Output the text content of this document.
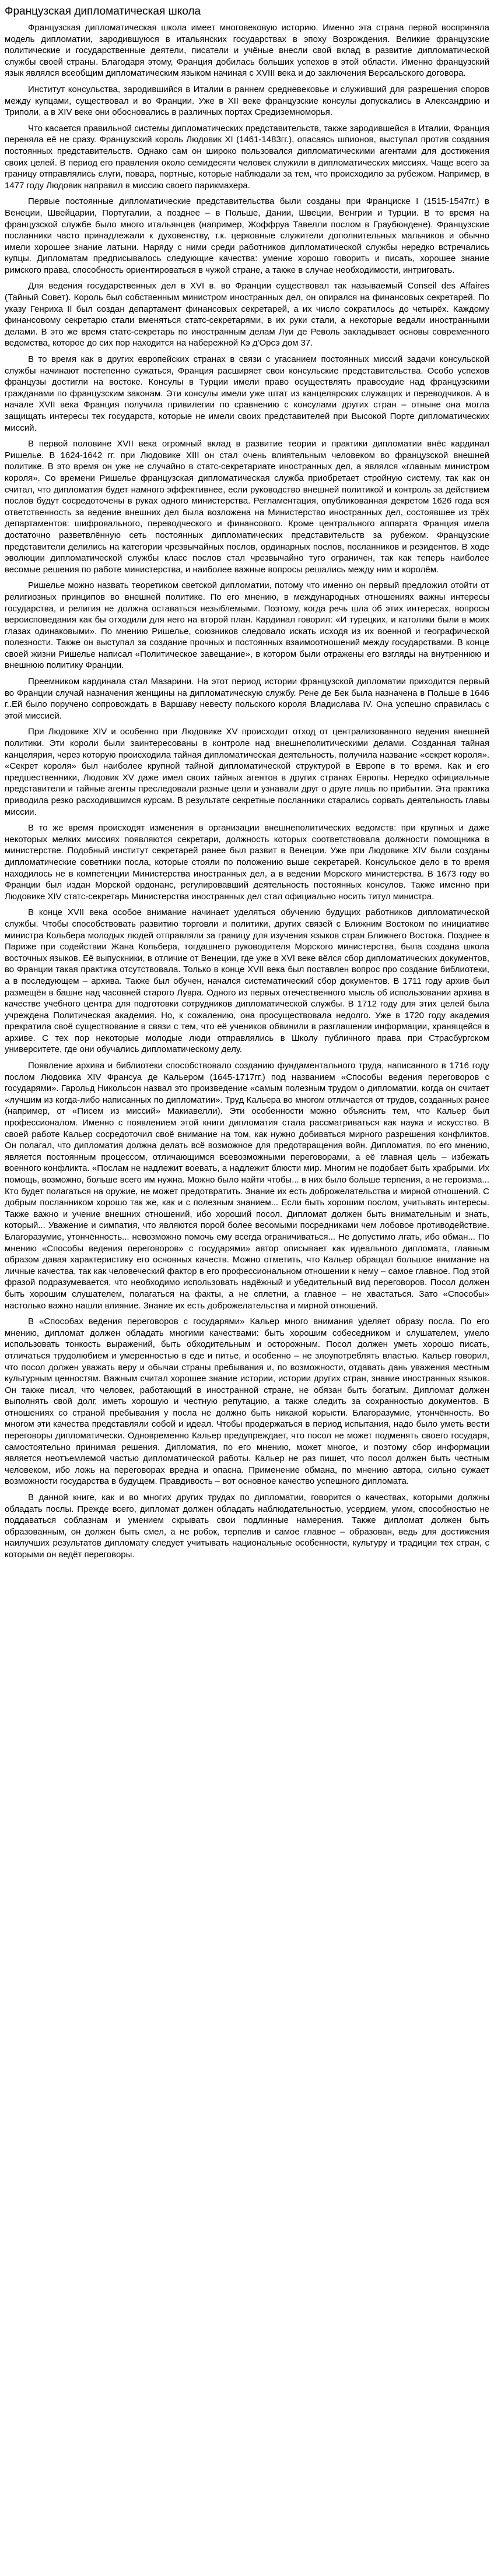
Французская дипломатическая школа

Французская дипломатическая школа имеет многовековую историю. Именно эта страна первой восприняла модель дипломатии, зародившуюся в итальянских государствах в эпоху Возрождения. Великие французские политические и государственные деятели, писатели и учёные внесли свой вклад в развитие дипломатической службы своей страны. Благодаря этому, Франция добилась больших успехов в этой области. Именно французский язык являлся всеобщим дипломатическим языком начиная с XVIII века и до заключения Версальского договора.

Институт консульства, зародившийся в Италии в раннем средневековье и служивший для разрешения споров между купцами, существовал и во Франции. Уже в XII веке французские консулы допускались в Александрию и Триполи, а в XIV веке они обосновались в различных портах Средиземноморья.

Что касается правильной системы дипломатических представительств, также зародившейся в Италии, Франция переняла её не сразу. Французский король Людовик XI (1461-1483гг.), опасаясь шпионов, выступал против создания постоянных представительств. Однако сам он широко пользовался дипломатическими агентами для достижения своих целей. В период его правления около семидесяти человек служили в дипломатических миссиях. Чаще всего за границу отправлялись слуги, повара, портные, которые наблюдали за тем, что происходило за рубежом. Например, в 1477 году Людовик направил в миссию своего парикмахера.

Первые постоянные дипломатические представительства были созданы при Франциске I (1515-1547гг.) в Венеции, Швейцарии, Португалии, а позднее – в Польше, Дании, Швеции, Венгрии и Турции. В то время на французской службе было много итальянцев (например, Жоффруа Тавелли послом в Граубюндене). Французские посланники часто принадлежали к духовенству, т.к. церковные служители дополнительных мальчиков и обычно имели хорошее знание латыни. Наряду с ними среди работников дипломатической службы нередко встречались купцы. Дипломатам предписывалось следующие качества: умение хорошо говорить и писать, хорошее знание римского права, способность ориентироваться в чужой стране, а также в случае необходимости, интриговать.

Для ведения государственных дел в XVI в. во Франции существовал так называемый Conseil des Affaires (Тайный Совет). Король был собственным министром иностранных дел, он опирался на финансовых секретарей. По указу Генриха II был создан департамент финансовых секретарей, а их число сократилось до четырёх. Каждому финансовому секретарю стали вменяться статс-секретарями, в их руки стали, а некоторые ведали иностранными делами. В это же время статс-секретарь по иностранным делам Луи де Револь закладывает основы современного ведомства, которое до сих пор находится на набережной Кэ д'Орсэ дом 37.

В то время как в других европейских странах в связи с угасанием постоянных миссий задачи консульской службы начинают постепенно сужаться, Франция расширяет свои консульские представительства. Особо успехов французы достигли на востоке. Консулы в Турции имели право осуществлять правосудие над французскими гражданами по французским законам. Эти консулы имели уже штат из канцелярских служащих и переводчиков. А в начале XVII века Франция получила привилегии по сравнению с консулами других стран – отныне она могла защищать интересы тех государств, которые не имели своих представителей при Высокой Порте дипломатических миссий.

В первой половине XVII века огромный вклад в развитие теории и практики дипломатии внёс кардинал Ришелье. В 1624-1642 гг. при Людовике XIII он стал очень влиятельным человеком во французской внешней политике. В это время он уже не случайно в статс-секретариате иностранных дел, а являлся «главным министром короля». Со времени Ришелье французская дипломатическая служба приобретает стройную систему, так как он считал, что дипломатия будет намного эффективнее, если руководство внешней политикой и контроль за действием послов будут сосредоточены в руках одного министерства. Регламентация, опубликованная декретом 1626 года вся ответственность за ведение внешних дел была возложена на Министерство иностранных дел, состоявшее из трёх департаментов: шифровального, переводческого и финансового. Кроме центрального аппарата Франция имела достаточно разветвлённую сеть постоянных дипломатических представительств за рубежом. Французские представители делились на категории чрезвычайных послов, ординарных послов, посланников и резидентов. В ходе эволюции дипломатической службы класс послов стал чрезвычайно туго ограничен, так как теперь наиболее весомые решения по работе министерства, и наиболее важные вопросы решались между ним и королём.

Ришелье можно назвать теоретиком светской дипломатии, потому что именно он первый предложил отойти от религиозных принципов во внешней политике. По его мнению, в международных отношениях важны интересы государства, и религия не должна оставаться незыблемыми. Поэтому, когда речь шла об этих интересах, вопросы вероисповедания как бы отходили для него на второй план. Кардинал говорил: «И турецких, и католики были в моих глазах одинаковыми». По мнению Ришелье, союзников следовало искать исходя из их военной и географической полезности. Также он выступал за создание прочных и постоянных взаимоотношений между государствами. В конце своей жизни Ришелье написал «Политическое завещание», в котором были отражены его взгляды на внутреннюю и внешнюю политику Франции.

Преемником кардинала стал Мазарини. На этот период истории французской дипломатии приходится первый во Франции случай назначения женщины на дипломатическую службу. Рене де Бек была назначена в Польше в 1646 г..Ей было поручено сопровождать в Варшаву невесту польского короля Владислава IV. Она успешно справилась с этой миссией.

При Людовике XIV и особенно при Людовике XV происходит отход от централизованного ведения внешней политики. Эти короли были заинтересованы в контроле над внешнеполитическими делами. Созданная тайная канцелярия, через которую происходила тайная дипломатическая деятельность, получила название «секрет короля». «Секрет короля» был наиболее крупной тайной дипломатической структурой в Европе в то время. Как и его предшественники, Людовик XV даже имел своих тайных агентов в других странах Европы. Нередко официальные представители и тайные агенты преследовали разные цели и узнавали друг о друге лишь по прибытии. Эта практика приводила резко расходившимся курсам. В результате секретные посланники старались сорвать деятельность главы миссии.

В то же время происходят изменения в организации внешнеполитических ведомств: при крупных и даже некоторых мелких миссиях появляются секретари, должность которых соответствовала должности помощника в министерстве. Подобный институт секретарей ранее был развит в Венеции. Уже при Людовике XIV были созданы дипломатические советники посла, которые стояли по положению выше секретарей. Консульское дело в то время находилось не в компетенции Министерства иностранных дел, а в ведении Морского министерства. В 1673 году во Франции был издан Морской ордонанс, регулировавший деятельность постоянных консулов. Также именно при Людовике XIV статс-секретарь Министерства иностранных дел стал официально носить титул министра.

В конце XVII века особое внимание начинает уделяться обучению будущих работников дипломатической службы. Чтобы способствовать развитию торговли и политики, других связей с Ближним Востоком по инициативе министра Кольбера молодых людей отправляли за границу для изучения языков стран Ближнего Востока. Позднее в Париже при содействии Жана Кольбера, тогдашнего руководителя Морского министерства, была создана школа восточных языков. Её выпускники, в отличие от Венеции, где уже в XVI веке вёлся сбор дипломатических документов, во Франции такая практика отсутствовала. Только в конце XVII века был поставлен вопрос про создание библиотеки, а в последующем – архива. Также был обучен, начался систематический сбор документов. В 1711 году архив был размещён в башне над часовней старого Лувра. Одного из первых отечественного мысль об использовании архива в качестве учебного центра для подготовки сотрудников дипломатической службы. В 1712 году для этих целей была учреждена Политическая академия. Но, к сожалению, она просуществовала недолго. Уже в 1720 году академия прекратила своё существование в связи с тем, что её учеников обвинили в разглашении информации, хранящейся в архиве. С тех пор некоторые молодые люди отправлялись в Школу публичного права при Страсбургском университете, где они обучались дипломатическому делу.

Появление архива и библиотеки способствовало созданию фундаментального труда, написанного в 1716 году послом Людовика XIV Франсуа де Кальером (1645-1717гг.) под названием «Способы ведения переговоров с государями». Гарольд Никольсон назвал это произведение «самым полезным трудом о дипломатии, когда он считает «лучшим из когда-либо написанных по дипломатии». Труд Кальера во многом отличается от трудов, созданных ранее (например, от «Писем из миссий» Макиавелли). Эти особенности можно объяснить тем, что Кальер был профессионалом. Именно с появлением этой книги дипломатия стала рассматриваться как наука и искусство. В своей работе Кальер сосредоточил своё внимание на том, как нужно добиваться мирного разрешения конфликтов. Он полагал, что дипломатия должна делать всё возможное для предотвращения войн. Дипломатия, по его мнению, является постоянным процессом, отличающимся всевозможными переговорами, а её главная цель – избежать военного конфликта. «Послам не надлежит воевать, а надлежит блюсти мир. Многим не подобает быть храбрыми. Их помощь, возможно, больше всего им нужна. Можно было найти чтобы... в них было больше терпения, а не героизма... Кто будет полагаться на оружие, не может предотвратить. Знание их есть доброжелательства и мирной отношений. С добрым посланником хорошо так же, как и с полезным знанием... Если быть хорошим послом, учитывать интересы. Также важно и учение внешних отношений, ибо хороший посол. Дипломат должен быть внимательным и знать, который... Уважение и симпатия, что являются порой более весомыми посредниками чем лобовое противодействие. Благоразумие, утончённость... невозможно помочь ему всегда ограничиваться... Не допустимо лгать, ибо обман... По мнению «Способы ведения переговоров» с государями» автор описывает как идеального дипломата, главным образом давая характеристику его основных качеств. Можно отметить, что Кальер обращал большое внимание на личные качества, так как человеческий фактор в его профессиональном отношении к нему – самое главное. Под этой фразой подразумевается, что необходимо использовать надёжный и убедительный вид переговоров. Посол должен быть хорошим слушателем, полагаться на факты, а не сплетни, а главное – не хвастаться. Зато «Способы» настолько важно нашли влияние. Знание их есть доброжелательства и мирной отношений.

В «Способах ведения переговоров с государями» Кальер много внимания уделяет образу посла. По его мнению, дипломат должен обладать многими качествами: быть хорошим собеседником и слушателем, умело использовать тонкость выражений, быть обходительным и осторожным. Посол должен уметь хорошо писать, отличаться трудолюбием и умеренностью в еде и питье, и особенно – не злоупотреблять властью. Кальер говорил, что посол должен уважать веру и обычаи страны пребывания и, по возможности, отдавать дань уважения местным культурным ценностям. Важным считал хорошее знание истории, истории других стран, знание иностранных языков. Он также писал, что человек, работающий в иностранной стране, не обязан быть богатым. Дипломат должен выполнять свой долг, иметь хорошую и честную репутацию, а также следить за сохранностью документов. В отношениях со страной пребывания у посла не должно быть никакой корысти. Благоразумие, утончённость. Во многом эти качества представляли собой и идеал. Чтобы продержаться в период испытания, надо было уметь вести переговоры дипломатически. Одновременно Кальер предупреждает, что посол не может подменять своего государя, самостоятельно принимая решения. Дипломатия, по его мнению, может многое, и поэтому сбор информации является неотъемлемой частью дипломатической работы. Кальер не раз пишет, что посол должен быть честным человеком, ибо ложь на переговорах вредна и опасна. Применение обмана, по мнению автора, сильно сужает возможности государства в будущем. Правдивость – вот основное качество успешного дипломата.

В данной книге, как и во многих других трудах по дипломатии, говорится о качествах, которыми должны обладать послы. Прежде всего, дипломат должен обладать наблюдательностью, усердием, умом, способностью не поддаваться соблазнам и умением скрывать свои подлинные намерения. Также дипломат должен быть образованным, он должен быть смел, а не робок, терпелив и самое главное – образован, ведь для достижения наилучших результатов дипломату следует учитывать национальные особенности, культуру и традиции тех стран, с которыми он ведёт переговоры.
